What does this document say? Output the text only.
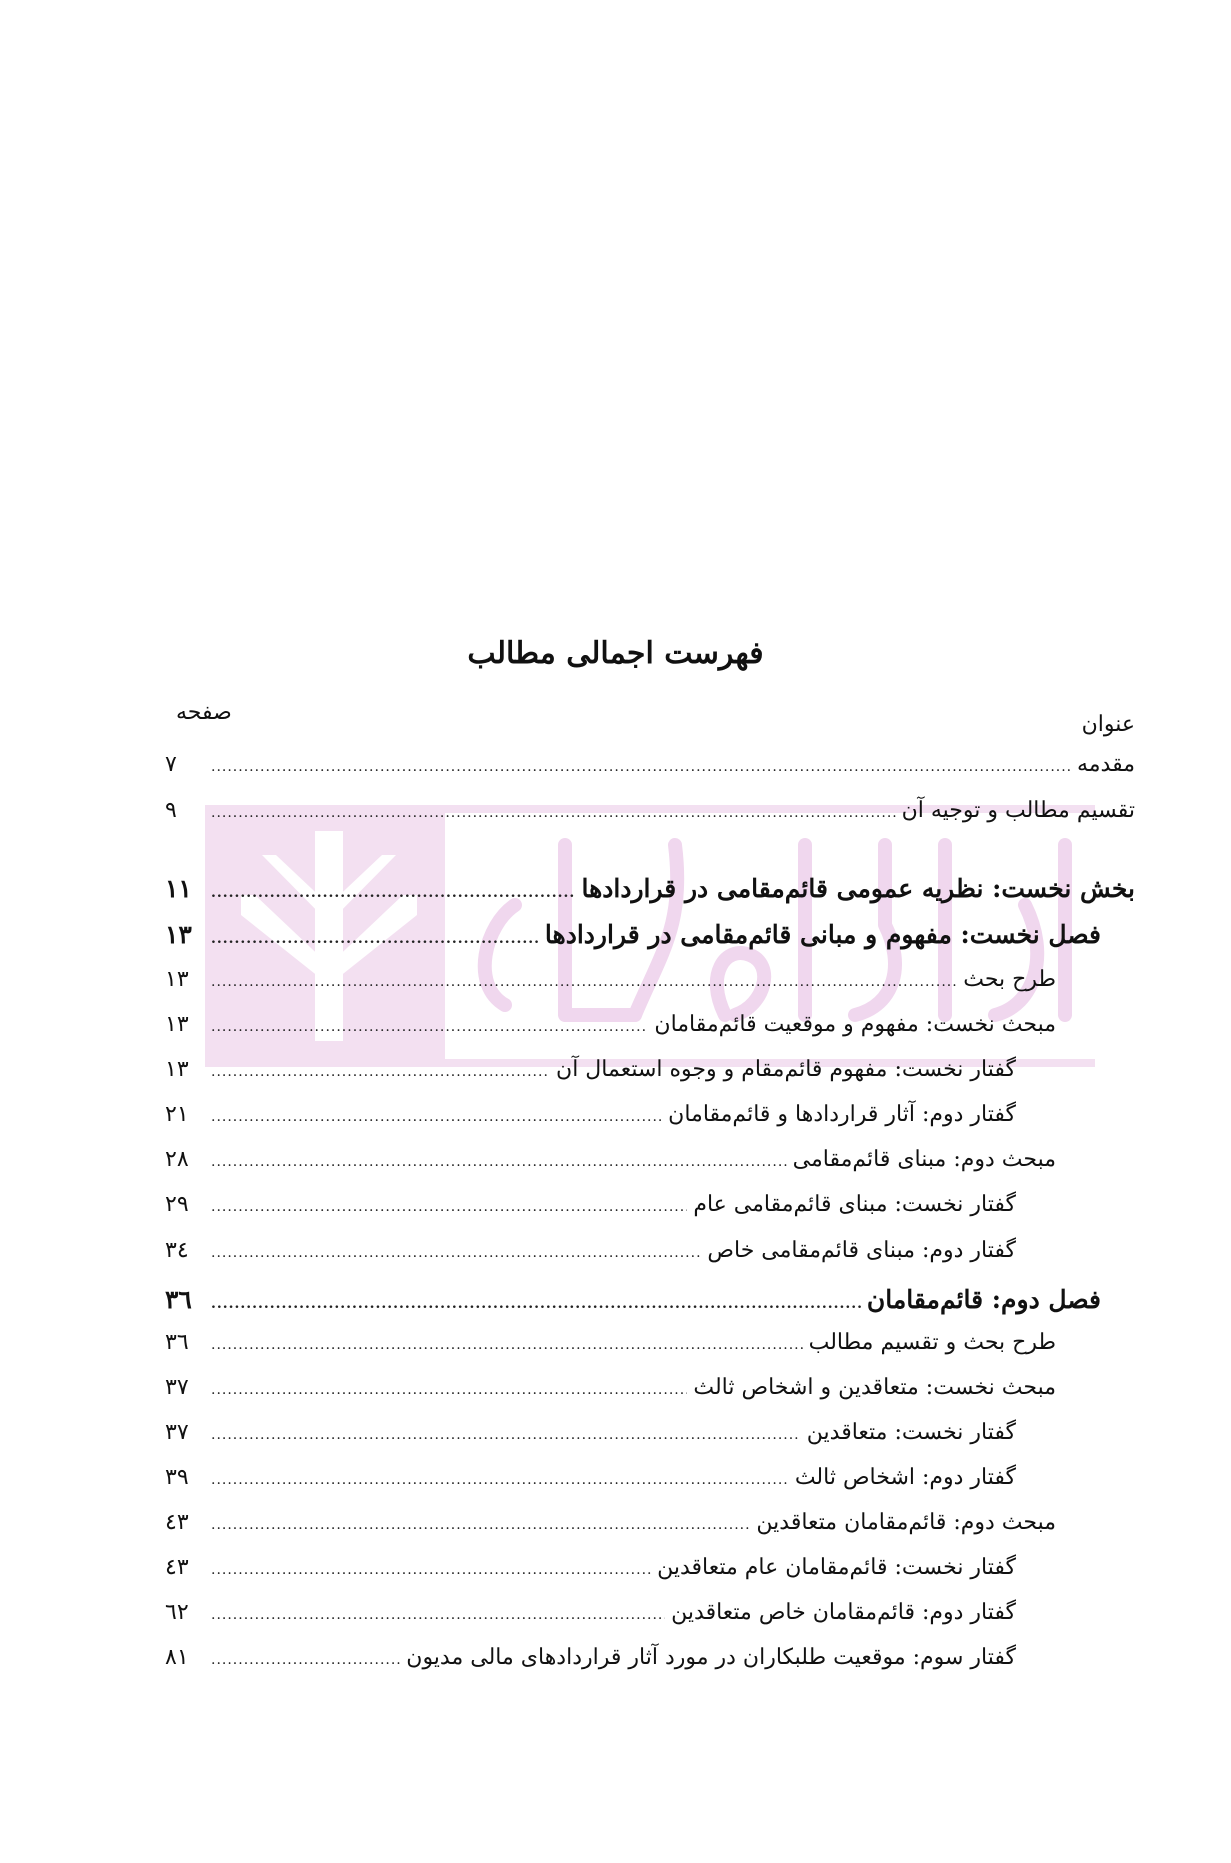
فهرست اجمالی مطالب
عنوان
صفحه
مقدمه
.....
۷
تقسیم مطالب و توجیه آن
.....
۹
بخش نخست: نظریه عمومی قائم‌مقامی در قراردادها
.....
۱۱
فصل نخست: مفهوم و مبانی قائم‌مقامی در قراردادها
.....
۱۳
طرح بحث
.....
۱۳
مبحث نخست: مفهوم و موقعیت قائم‌مقامان
.....
۱۳
گفتار نخست: مفهوم قائم‌مقام و وجوه استعمال آن
.....
۱۳
گفتار دوم: آثار قراردادها و قائم‌مقامان
.....
۲۱
مبحث دوم: مبنای قائم‌مقامی
.....
۲۸
گفتار نخست: مبنای قائم‌مقامی عام
.....
۲۹
گفتار دوم: مبنای قائم‌مقامی خاص
.....
۳٤
فصل دوم: قائم‌مقامان
.....
۳٦
طرح بحث و تقسیم مطالب
.....
۳٦
مبحث نخست: متعاقدین و اشخاص ثالث
.....
۳۷
گفتار نخست: متعاقدین
.....
۳۷
گفتار دوم: اشخاص ثالث
.....
۳۹
مبحث دوم: قائم‌مقامان متعاقدین
.....
٤۳
گفتار نخست: قائم‌مقامان عام متعاقدین
.....
٤۳
گفتار دوم: قائم‌مقامان خاص متعاقدین
.....
٦۲
گفتار سوم: موقعیت طلبکاران در مورد آثار قراردادهای مالی مدیون
.....
۸۱
